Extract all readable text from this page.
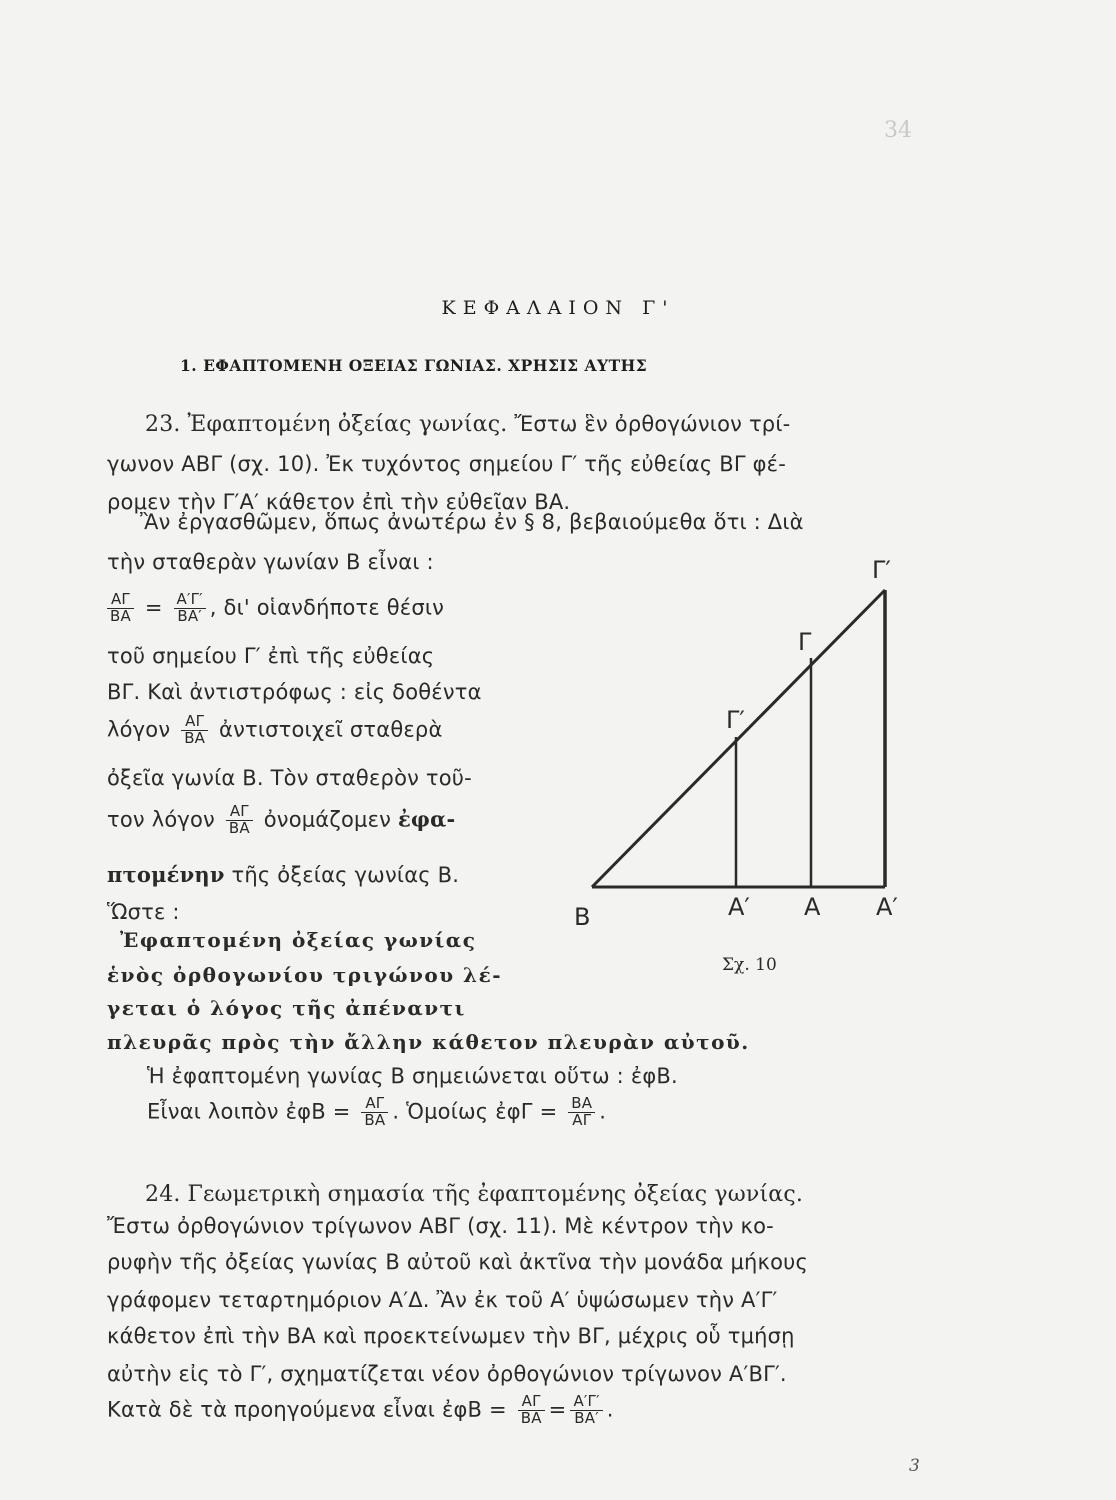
34
ΚΕΦΑΛΑΙΟΝ Γ'
1. ΕΦΑΠΤΟΜΕΝΗ ΟΞΕΙΑΣ ΓΩΝΙΑΣ. ΧΡΗΣΙΣ ΑΥΤΗΣ
23. Ἐφαπτομένη ὀξείας γωνίας. Ἔστω ἓν ὀρθογώνιον τρί-
γωνον ΑΒΓ (σχ. 10). Ἐκ τυχόντος σημείου Γ′ τῆς εὐθείας ΒΓ φέ-
ρομεν τὴν Γ′Α′ κάθετον ἐπὶ τὴν εὐθεῖαν ΒΑ.
Ἂν ἐργασθῶμεν, ὅπως ἀνωτέρω ἐν § 8, βεβαιούμεθα ὅτι : Διὰ
τὴν σταθερὰν γωνίαν Β εἶναι :
$\frac{A\Gamma}{BA} = \frac{A'\Gamma'}{BA'}$ , δι' οἱανδήποτε θέσιν
τοῦ σημείου Γ′ ἐπὶ τῆς εὐθείας
ΒΓ. Καὶ ἀντιστρόφως : εἰς δοθέντα
λόγον $\frac{A\Gamma}{BA}$ ἀντιστοιχεῖ σταθερὰ
ὀξεῖα γωνία Β. Τὸν σταθερὸν τοῦ-
τον λόγον $\frac{A\Gamma}{BA}$ ὀνομάζομεν ἐφα-
πτομένην τῆς ὀξείας γωνίας Β.
Ὥστε :
Ἐφαπτομένη ὀξείας γωνίας
ἑνὸς ὀρθογωνίου τριγώνου λέ-
γεται ὁ λόγος τῆς ἀπέναντι
πλευρᾶς πρὸς τὴν ἄλλην κάθετον πλευρὰν αὐτοῦ.
Ἡ ἐφαπτομένη γωνίας Β σημειώνεται οὕτω : ἐφΒ.
Εἶναι λοιπὸν ἐφΒ = $\frac{A\Gamma}{BA}$ . Ὁμοίως ἐφΓ = $\frac{BA}{A\Gamma}$ .
Β	Α′ Α Α′
Γ′
Γ
Γ′
Σχ. 10
24. Γεωμετρικὴ σημασία τῆς ἐφαπτομένης ὀξείας γωνίας.
Ἔστω ὀρθογώνιον τρίγωνον ΑΒΓ (σχ. 11). Μὲ κέντρον τὴν κο-
ρυφὴν τῆς ὀξείας γωνίας Β αὐτοῦ καὶ ἀκτῖνα τὴν μονάδα μήκους
γράφομεν τεταρτημόριον Α′Δ. Ἂν ἐκ τοῦ Α′ ὑψώσωμεν τὴν Α′Γ′
κάθετον ἐπὶ τὴν ΒΑ καὶ προεκτείνωμεν τὴν ΒΓ, μέχρις οὗ τμήσῃ
αὐτὴν εἰς τὸ Γ′, σχηματίζεται νέον ὀρθογώνιον τρίγωνον Α′ΒΓ′.
Κατὰ δὲ τὰ προηγούμενα εἶναι ἐφΒ = $\frac{A\Gamma}{BA} = \frac{A'\Gamma'}{BA'}$ .
3
